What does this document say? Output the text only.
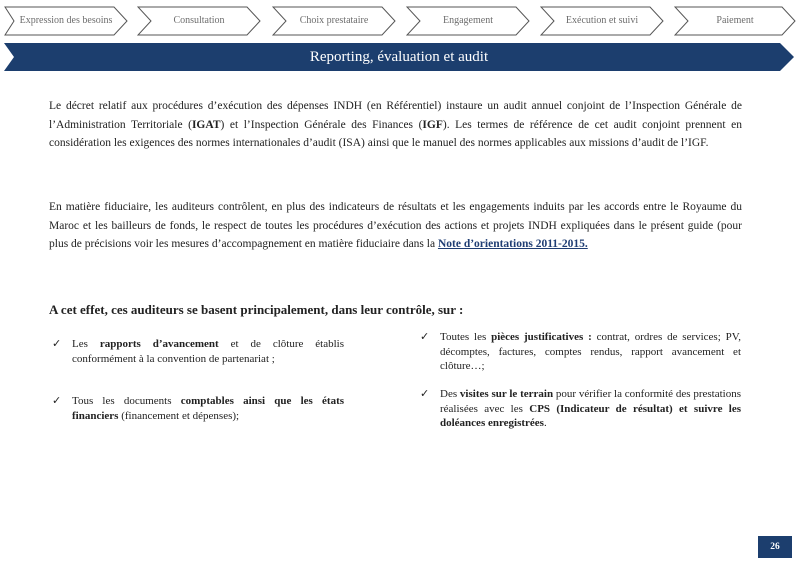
Expression des besoins	Consultation	Choix prestataire	Engagement	Exécution et suivi	Paiement
Reporting, évaluation et audit

Le décret relatif aux procédures d’exécution des dépenses INDH (en Référentiel) instaure un audit annuel conjoint de l’Inspection Générale de l’Administration Territoriale (IGAT) et l’Inspection Générale des Finances (IGF). Les termes de référence de cet audit conjoint prennent en considération les exigences des normes internationales d’audit (ISA) ainsi que le manuel des normes applicables aux missions d’audit de l’IGF.

En matière fiduciaire, les auditeurs contrôlent, en plus des indicateurs de résultats et les engagements induits par les accords entre le Royaume du Maroc et les bailleurs de fonds, le respect de toutes les procédures d’exécution des actions et projets INDH expliquées dans le présent guide (pour plus de précisions voir les mesures d’accompagnement en matière fiduciaire dans la Note d’orientations 2011-2015.

A cet effet, ces auditeurs se basent principalement, dans leur contrôle, sur :
✓ Les rapports d’avancement et de clôture établis conformément à la convention de partenariat ;
✓ Tous les documents comptables ainsi que les états financiers (financement et dépenses);
✓ Toutes les pièces justificatives : contrat, ordres de services; PV, décomptes, factures, comptes rendus, rapport avancement et clôture…;
✓ Des visites sur le terrain pour vérifier la conformité des prestations réalisées avec les CPS (Indicateur de résultat) et suivre les doléances enregistrées.
26
